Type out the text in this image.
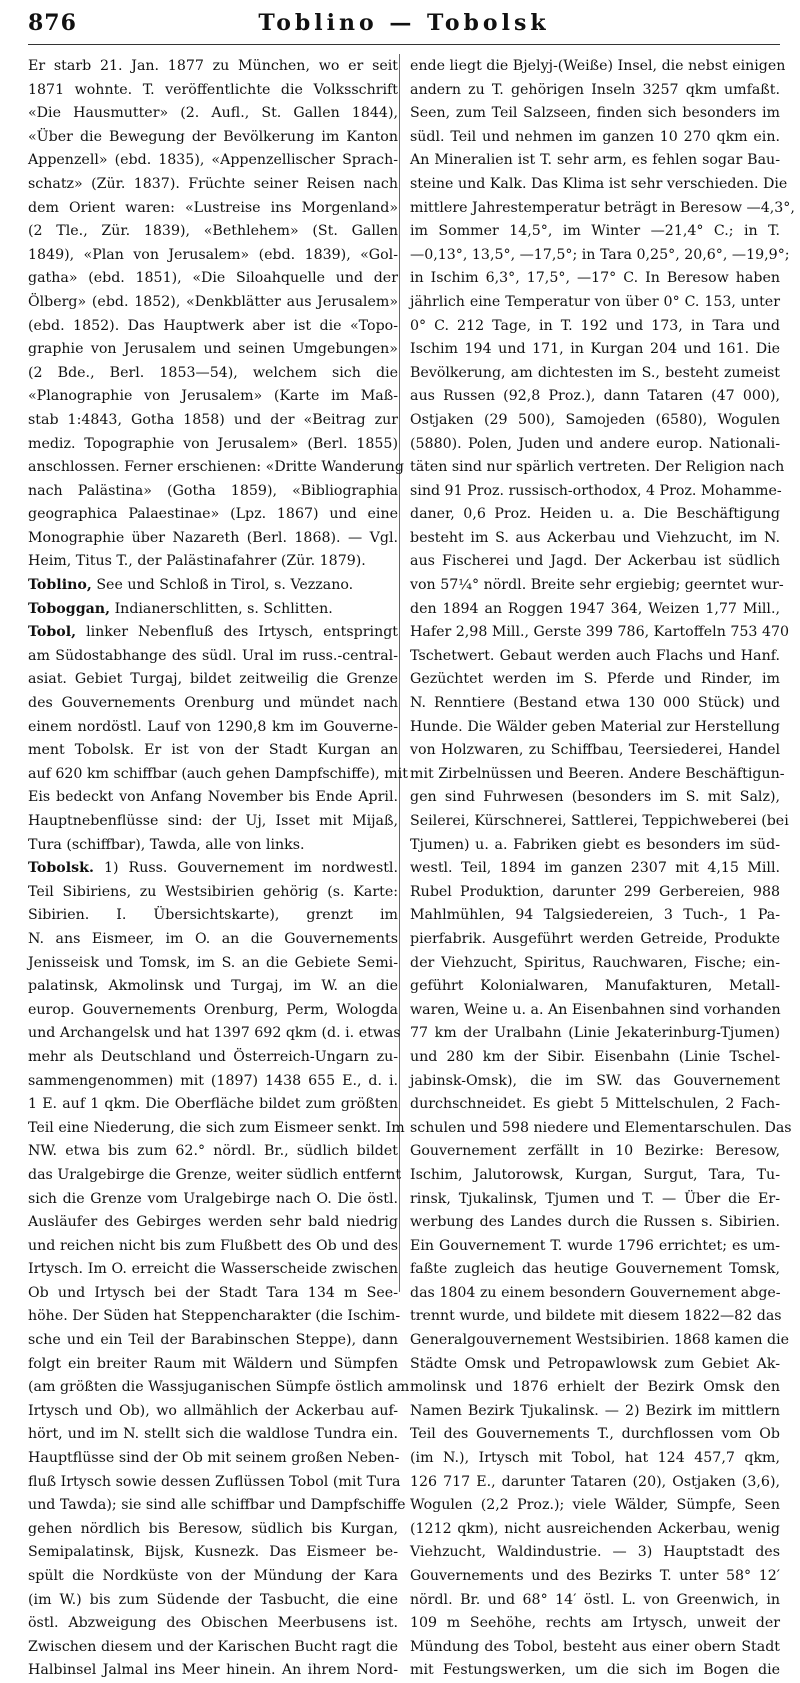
876	Toblino — Tobolsk
Er starb 21. Jan. 1877 zu München, wo er seit
1871 wohnte. T. veröffentlichte die Volksschrift
«Die Hausmutter» (2. Aufl., St. Gallen 1844),
«Über die Bewegung der Bevölkerung im Kanton
Appenzell» (ebd. 1835), «Appenzellischer Sprach-
schatz» (Zür. 1837). Früchte seiner Reisen nach
dem Orient waren: «Lustreise ins Morgenland»
(2 Tle., Zür. 1839), «Bethlehem» (St. Gallen
1849), «Plan von Jerusalem» (ebd. 1839), «Gol-
gatha» (ebd. 1851), «Die Siloahquelle und der
Ölberg» (ebd. 1852), «Denkblätter aus Jerusalem»
(ebd. 1852). Das Hauptwerk aber ist die «Topo-
graphie von Jerusalem und seinen Umgebungen»
(2 Bde., Berl. 1853—54), welchem sich die
«Planographie von Jerusalem» (Karte im Maß-
stab 1:4843, Gotha 1858) und der «Beitrag zur
mediz. Topographie von Jerusalem» (Berl. 1855)
anschlossen. Ferner erschienen: «Dritte Wanderung
nach Palästina» (Gotha 1859), «Bibliographia
geographica Palaestinae» (Lpz. 1867) und eine
Monographie über Nazareth (Berl. 1868). — Vgl.
Heim, Titus T., der Palästinafahrer (Zür. 1879).
Toblino, See und Schloß in Tirol, s. Vezzano.
Toboggan, Indianerschlitten, s. Schlitten.
Tobol, linker Nebenfluß des Irtysch, entspringt
am Südostabhange des südl. Ural im russ.-central-
asiat. Gebiet Turgaj, bildet zeitweilig die Grenze
des Gouvernements Orenburg und mündet nach
einem nordöstl. Lauf von 1290,8 km im Gouverne-
ment Tobolsk. Er ist von der Stadt Kurgan an
auf 620 km schiffbar (auch gehen Dampfschiffe), mit
Eis bedeckt von Anfang November bis Ende April.
Hauptnebenflüsse sind: der Uj, Isset mit Mijaß,
Tura (schiffbar), Tawda, alle von links.
Tobolsk. 1) Russ. Gouvernement im nordwestl.
Teil Sibiriens, zu Westsibirien gehörig (s. Karte:
Sibirien. I. Übersichtskarte), grenzt im
N. ans Eismeer, im O. an die Gouvernements
Jenisseisk und Tomsk, im S. an die Gebiete Semi-
palatinsk, Akmolinsk und Turgaj, im W. an die
europ. Gouvernements Orenburg, Perm, Wologda
und Archangelsk und hat 1397 692 qkm (d. i. etwas
mehr als Deutschland und Österreich-Ungarn zu-
sammengenommen) mit (1897) 1438 655 E., d. i.
1 E. auf 1 qkm. Die Oberfläche bildet zum größten
Teil eine Niederung, die sich zum Eismeer senkt. Im
NW. etwa bis zum 62.° nördl. Br., südlich bildet
das Uralgebirge die Grenze, weiter südlich entfernt
sich die Grenze vom Uralgebirge nach O. Die östl.
Ausläufer des Gebirges werden sehr bald niedrig
und reichen nicht bis zum Flußbett des Ob und des
Irtysch. Im O. erreicht die Wasserscheide zwischen
Ob und Irtysch bei der Stadt Tara 134 m See-
höhe. Der Süden hat Steppencharakter (die Ischim-
sche und ein Teil der Barabinschen Steppe), dann
folgt ein breiter Raum mit Wäldern und Sümpfen
(am größten die Wassjuganischen Sümpfe östlich am
Irtysch und Ob), wo allmählich der Ackerbau auf-
hört, und im N. stellt sich die waldlose Tundra ein.
Hauptflüsse sind der Ob mit seinem großen Neben-
fluß Irtysch sowie dessen Zuflüssen Tobol (mit Tura
und Tawda); sie sind alle schiffbar und Dampfschiffe
gehen nördlich bis Beresow, südlich bis Kurgan,
Semipalatinsk, Bijsk, Kusnezk. Das Eismeer be-
spült die Nordküste von der Mündung der Kara
(im W.) bis zum Südende der Tasbucht, die eine
östl. Abzweigung des Obischen Meerbusens ist.
Zwischen diesem und der Karischen Bucht ragt die
Halbinsel Jalmal ins Meer hinein. An ihrem Nord-
ende liegt die Bjelyj-(Weiße) Insel, die nebst einigen
andern zu T. gehörigen Inseln 3257 qkm umfaßt.
Seen, zum Teil Salzseen, finden sich besonders im
südl. Teil und nehmen im ganzen 10 270 qkm ein.
An Mineralien ist T. sehr arm, es fehlen sogar Bau-
steine und Kalk. Das Klima ist sehr verschieden. Die
mittlere Jahrestemperatur beträgt in Beresow —4,3°,
im Sommer 14,5°, im Winter —21,4° C.; in T.
—0,13°, 13,5°, —17,5°; in Tara 0,25°, 20,6°, —19,9°;
in Ischim 6,3°, 17,5°, —17° C. In Beresow haben
jährlich eine Temperatur von über 0° C. 153, unter
0° C. 212 Tage, in T. 192 und 173, in Tara und
Ischim 194 und 171, in Kurgan 204 und 161. Die
Bevölkerung, am dichtesten im S., besteht zumeist
aus Russen (92,8 Proz.), dann Tataren (47 000),
Ostjaken (29 500), Samojeden (6580), Wogulen
(5880). Polen, Juden und andere europ. Nationali-
täten sind nur spärlich vertreten. Der Religion nach
sind 91 Proz. russisch-orthodox, 4 Proz. Mohamme-
daner, 0,6 Proz. Heiden u. a. Die Beschäftigung
besteht im S. aus Ackerbau und Viehzucht, im N.
aus Fischerei und Jagd. Der Ackerbau ist südlich
von 57¼° nördl. Breite sehr ergiebig; geerntet wur-
den 1894 an Roggen 1947 364, Weizen 1,77 Mill.,
Hafer 2,98 Mill., Gerste 399 786, Kartoffeln 753 470
Tschetwert. Gebaut werden auch Flachs und Hanf.
Gezüchtet werden im S. Pferde und Rinder, im
N. Renntiere (Bestand etwa 130 000 Stück) und
Hunde. Die Wälder geben Material zur Herstellung
von Holzwaren, zu Schiffbau, Teersiederei, Handel
mit Zirbelnüssen und Beeren. Andere Beschäftigun-
gen sind Fuhrwesen (besonders im S. mit Salz),
Seilerei, Kürschnerei, Sattlerei, Teppichweberei (bei
Tjumen) u. a. Fabriken giebt es besonders im süd-
westl. Teil, 1894 im ganzen 2307 mit 4,15 Mill.
Rubel Produktion, darunter 299 Gerbereien, 988
Mahlmühlen, 94 Talgsiedereien, 3 Tuch-, 1 Pa-
pierfabrik. Ausgeführt werden Getreide, Produkte
der Viehzucht, Spiritus, Rauchwaren, Fische; ein-
geführt Kolonialwaren, Manufakturen, Metall-
waren, Weine u. a. An Eisenbahnen sind vorhanden
77 km der Uralbahn (Linie Jekaterinburg-Tjumen)
und 280 km der Sibir. Eisenbahn (Linie Tschel-
jabinsk-Omsk), die im SW. das Gouvernement
durchschneidet. Es giebt 5 Mittelschulen, 2 Fach-
schulen und 598 niedere und Elementarschulen. Das
Gouvernement zerfällt in 10 Bezirke: Beresow,
Ischim, Jalutorowsk, Kurgan, Surgut, Tara, Tu-
rinsk, Tjukalinsk, Tjumen und T. — Über die Er-
werbung des Landes durch die Russen s. Sibirien.
Ein Gouvernement T. wurde 1796 errichtet; es um-
faßte zugleich das heutige Gouvernement Tomsk,
das 1804 zu einem besondern Gouvernement abge-
trennt wurde, und bildete mit diesem 1822—82 das
Generalgouvernement Westsibirien. 1868 kamen die
Städte Omsk und Petropawlowsk zum Gebiet Ak-
molinsk und 1876 erhielt der Bezirk Omsk den
Namen Bezirk Tjukalinsk. — 2) Bezirk im mittlern
Teil des Gouvernements T., durchflossen vom Ob
(im N.), Irtysch mit Tobol, hat 124 457,7 qkm,
126 717 E., darunter Tataren (20), Ostjaken (3,6),
Wogulen (2,2 Proz.); viele Wälder, Sümpfe, Seen
(1212 qkm), nicht ausreichenden Ackerbau, wenig
Viehzucht, Waldindustrie. — 3) Hauptstadt des
Gouvernements und des Bezirks T. unter 58° 12′
nördl. Br. und 68° 14′ östl. L. von Greenwich, in
109 m Seehöhe, rechts am Irtysch, unweit der
Mündung des Tobol, besteht aus einer obern Stadt
mit Festungswerken, um die sich im Bogen die
